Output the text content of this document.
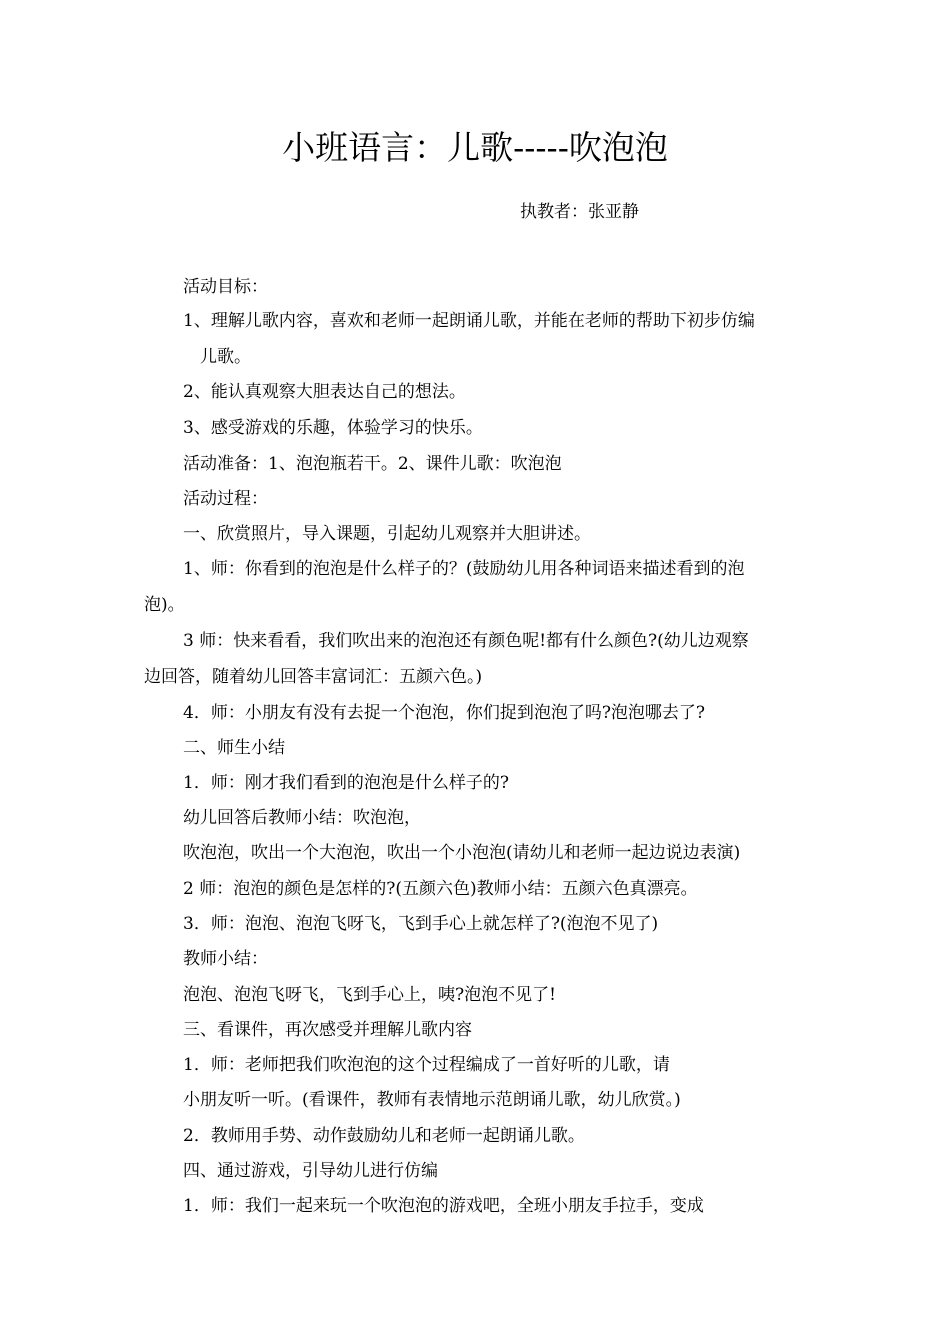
小班语言：儿歌-----吹泡泡
执教者：张亚静
活动目标：
1、理解儿歌内容，喜欢和老师一起朗诵儿歌，并能在老师的帮助下初步仿编
儿歌。
2、能认真观察大胆表达自己的想法。
3、感受游戏的乐趣，体验学习的快乐。
活动准备：1、泡泡瓶若干。2、课件儿歌：吹泡泡
活动过程：
一、欣赏照片，导入课题，引起幼儿观察并大胆讲述。
1、师：你看到的泡泡是什么样子的？(鼓励幼儿用各种词语来描述看到的泡
泡)。
3 师：快来看看，我们吹出来的泡泡还有颜色呢!都有什么颜色?(幼儿边观察
边回答，随着幼儿回答丰富词汇：五颜六色。)
4．师：小朋友有没有去捉一个泡泡，你们捉到泡泡了吗?泡泡哪去了?
二、师生小结
1．师：刚才我们看到的泡泡是什么样子的?
幼儿回答后教师小结：吹泡泡，
吹泡泡，吹出一个大泡泡，吹出一个小泡泡(请幼儿和老师一起边说边表演)
2 师：泡泡的颜色是怎样的?(五颜六色)教师小结：五颜六色真漂亮。
3．师：泡泡、泡泡飞呀飞，飞到手心上就怎样了?(泡泡不见了)
教师小结：
泡泡、泡泡飞呀飞，飞到手心上，咦?泡泡不见了!
三、看课件，再次感受并理解儿歌内容
1．师：老师把我们吹泡泡的这个过程编成了一首好听的儿歌，请
小朋友听一听。(看课件，教师有表情地示范朗诵儿歌，幼儿欣赏。)
2．教师用手势、动作鼓励幼儿和老师一起朗诵儿歌。
四、通过游戏，引导幼儿进行仿编
1．师：我们一起来玩一个吹泡泡的游戏吧，全班小朋友手拉手，变成
